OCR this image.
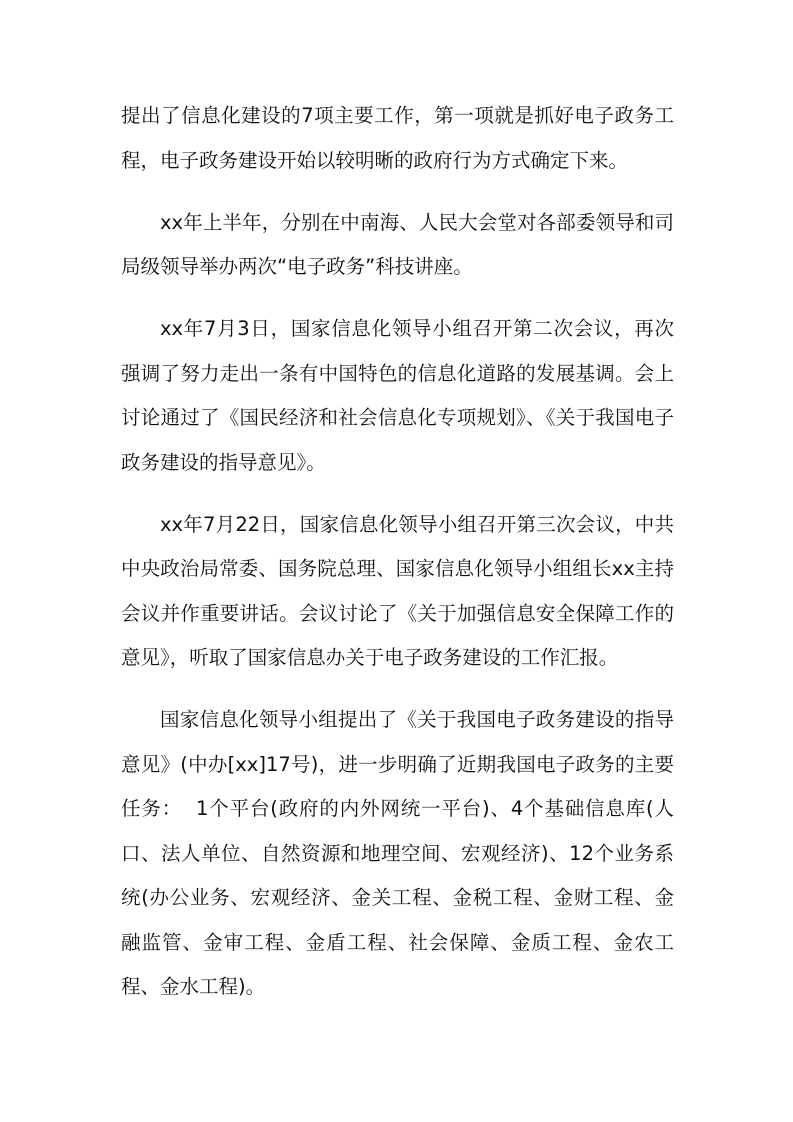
提出了信息化建设的7项主要工作，第一项就是抓好电子政务工程，电子政务建设开始以较明晰的政府行为方式确定下来。

xx年上半年，分别在中南海、人民大会堂对各部委领导和司局级领导举办两次“电子政务”科技讲座。

xx年7月3日，国家信息化领导小组召开第二次会议，再次强调了努力走出一条有中国特色的信息化道路的发展基调。会上讨论通过了《国民经济和社会信息化专项规划》、《关于我国电子政务建设的指导意见》。

xx年7月22日，国家信息化领导小组召开第三次会议，中共中央政治局常委、国务院总理、国家信息化领导小组组长xx主持会议并作重要讲话。会议讨论了《关于加强信息安全保障工作的意见》，听取了国家信息办关于电子政务建设的工作汇报。

国家信息化领导小组提出了《关于我国电子政务建设的指导意见》(中办[xx]17号)，进一步明确了近期我国电子政务的主要任务：  1个平台(政府的内外网统一平台)、4个基础信息库(人口、法人单位、自然资源和地理空间、宏观经济)、12个业务系统(办公业务、宏观经济、金关工程、金税工程、金财工程、金融监管、金审工程、金盾工程、社会保障、金质工程、金农工程、金水工程)。
